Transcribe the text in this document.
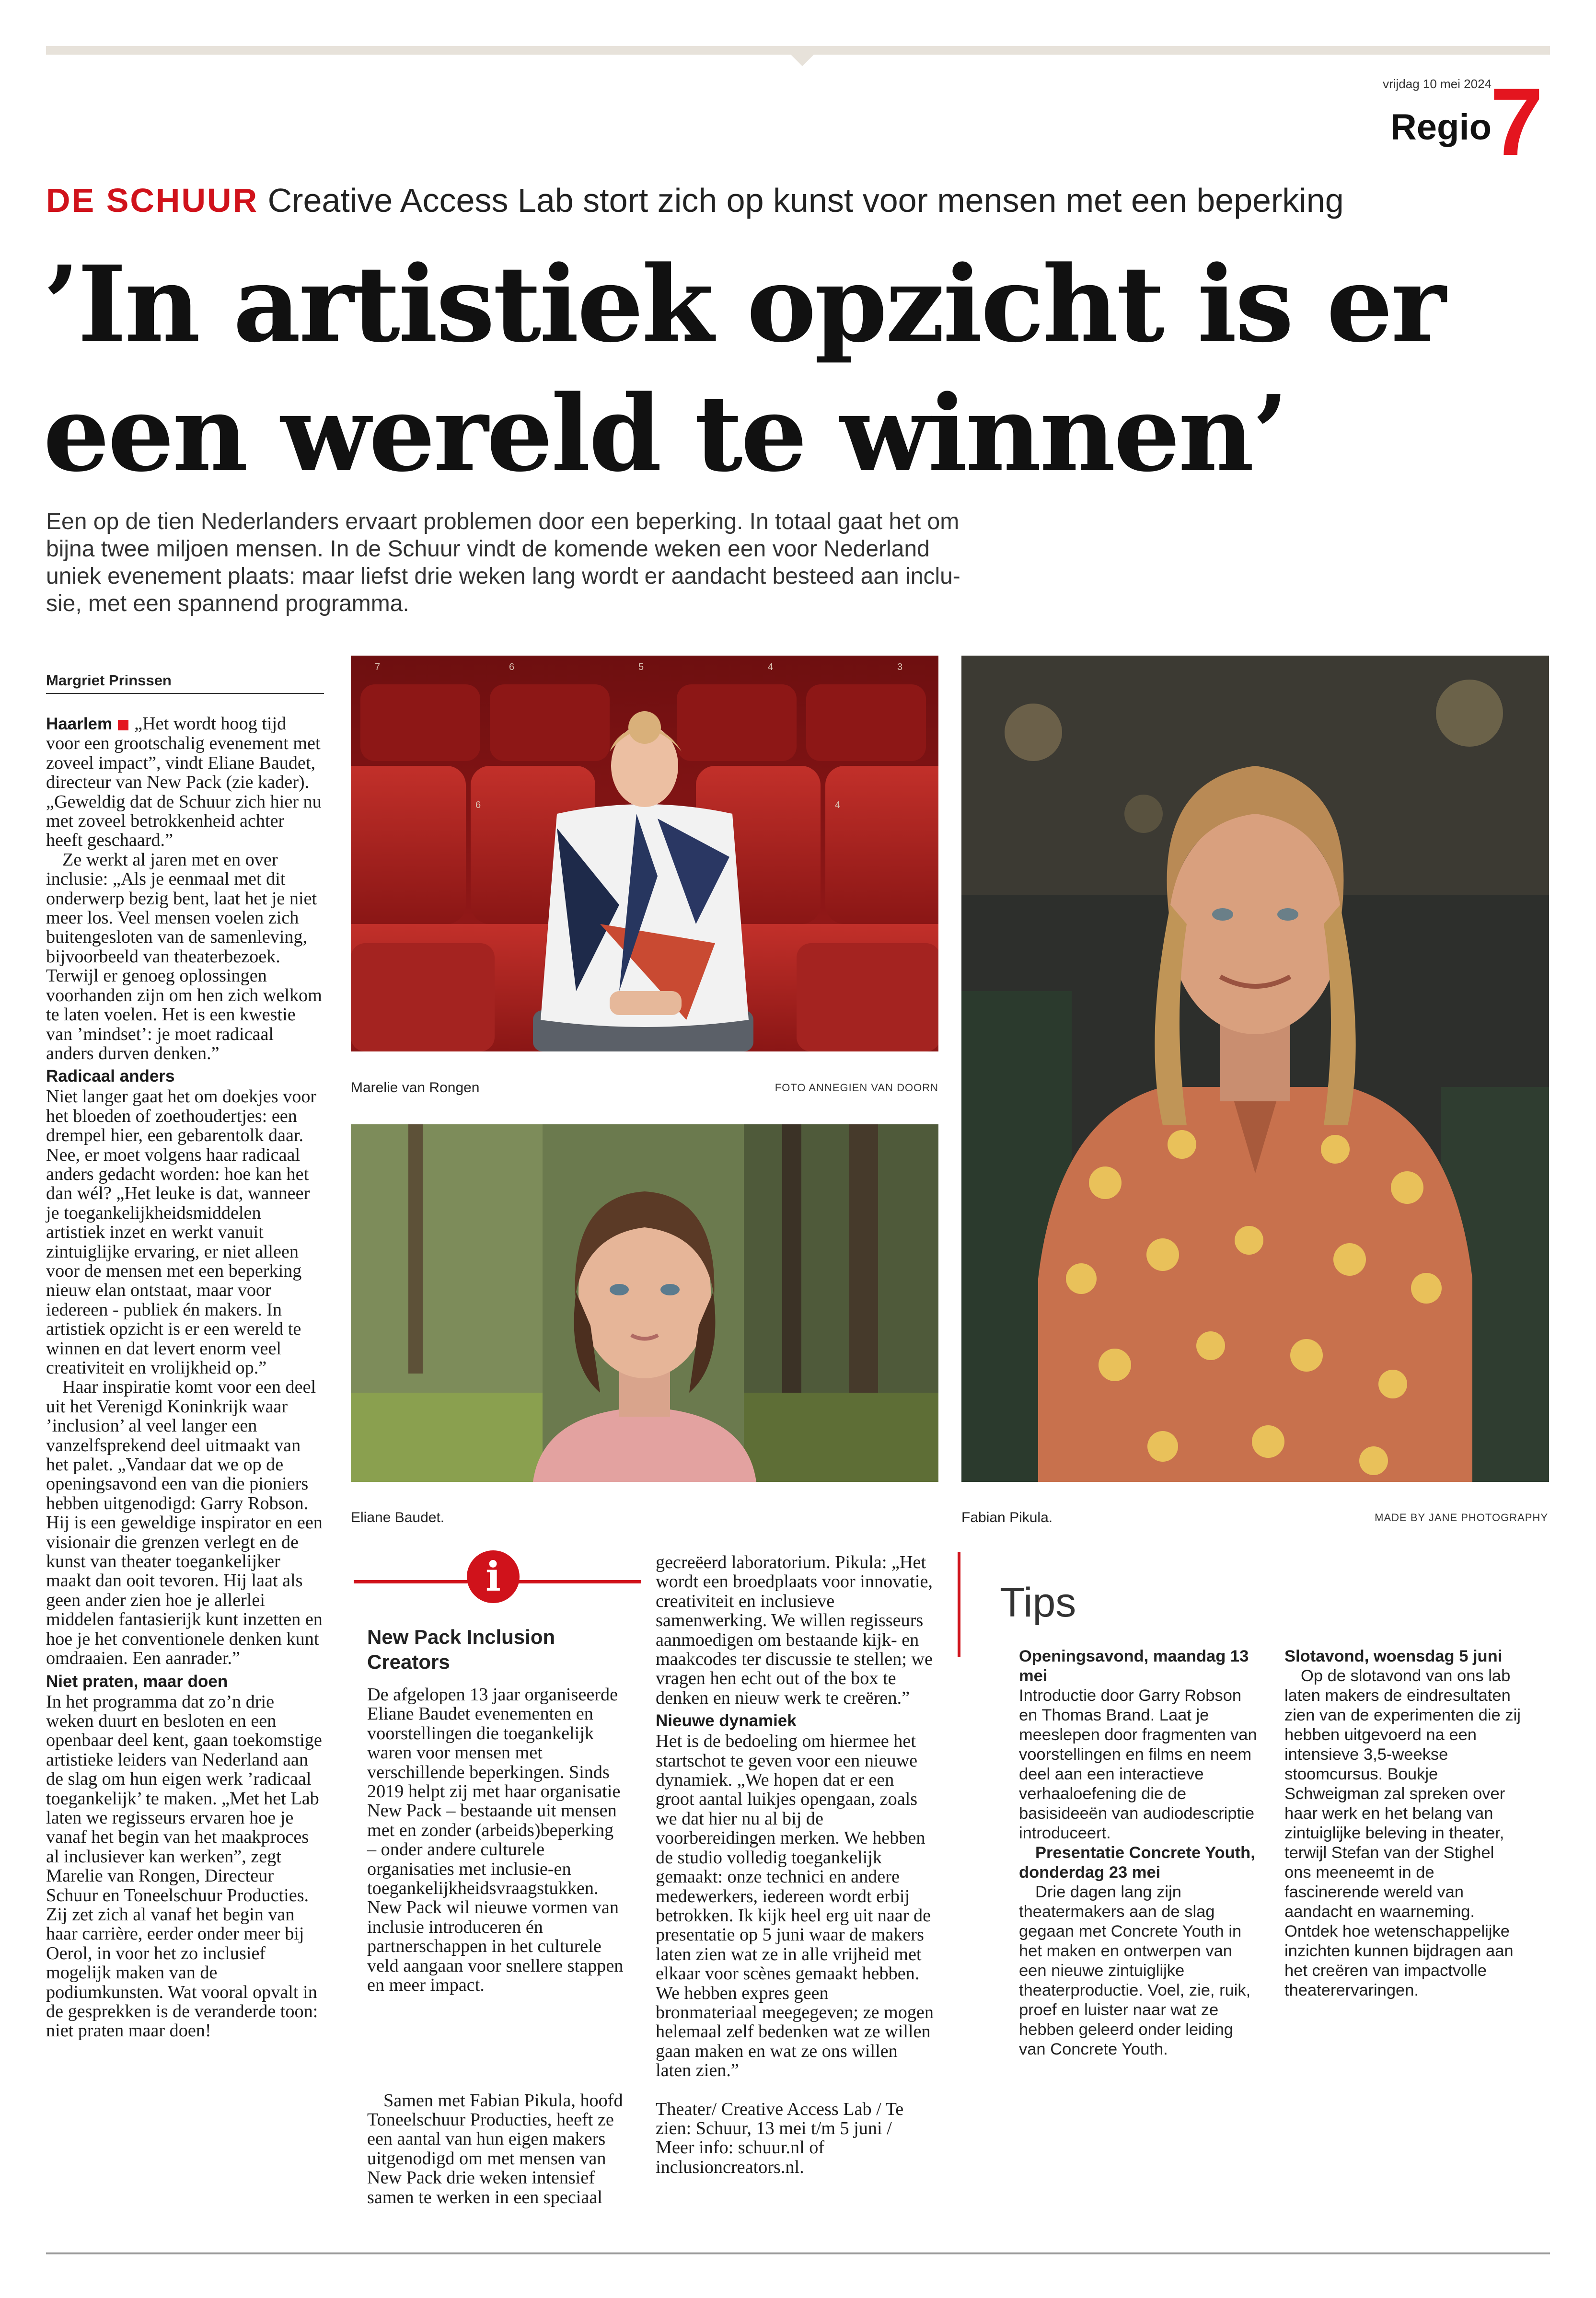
vrijdag 10 mei 2024
Regio
7
DE SCHUUR Creative Access Lab stort zich op kunst voor mensen met een beperking
’In artistiek opzicht is er
een wereld te winnen’
Een op de tien Nederlanders ervaart problemen door een beperking. In totaal gaat het om
bijna twee miljoen mensen. In de Schuur vindt de komende weken een voor Nederland
uniek evenement plaats: maar liefst drie weken lang wordt er aandacht besteed aan inclu-
sie, met een spannend programma.
Margriet Prinssen

Haarlem „Het wordt hoog tijd voor een grootschalig evenement met zoveel impact”, vindt Eliane Baudet, directeur van New Pack (zie kader). „Geweldig dat de Schuur zich hier nu met zoveel betrokkenheid achter heeft geschaard.”

Ze werkt al jaren met en over inclusie: „Als je eenmaal met dit onderwerp bezig bent, laat het je niet meer los. Veel mensen voelen zich buitengesloten van de samenleving, bijvoorbeeld van theaterbezoek. Terwijl er genoeg oplossingen voorhanden zijn om hen zich welkom te laten voelen. Het is een kwestie van ’mindset’: je moet radicaal anders durven denken.”

Radicaal anders

Niet langer gaat het om doekjes voor het bloeden of zoethoudertjes: een drempel hier, een gebarentolk daar. Nee, er moet volgens haar radicaal anders gedacht worden: hoe kan het dan wél? „Het leuke is dat, wanneer je toegankelijkheidsmiddelen artistiek inzet en werkt vanuit zintuiglijke ervaring, er niet alleen voor de mensen met een beperking nieuw elan ontstaat, maar voor iedereen - publiek én makers. In artistiek opzicht is er een wereld te winnen en dat levert enorm veel creativiteit en vrolijkheid op.”

Haar inspiratie komt voor een deel uit het Verenigd Koninkrijk waar ’inclusion’ al veel langer een vanzelfsprekend deel uitmaakt van het palet. „Vandaar dat we op de openingsavond een van die pioniers hebben uitgenodigd: Garry Robson. Hij is een geweldige inspirator en een visionair die grenzen verlegt en de kunst van theater toegankelijker maakt dan ooit tevoren. Hij laat als geen ander zien hoe je allerlei middelen fantasierijk kunt inzetten en hoe je het conventionele denken kunt omdraaien. Een aanrader.”

Niet praten, maar doen

In het programma dat zo’n drie weken duurt en besloten en een openbaar deel kent, gaan toekomstige artistieke leiders van Nederland aan de slag om hun eigen werk ’radicaal toegankelijk’ te maken. „Met het Lab laten we regisseurs ervaren hoe je vanaf het begin van het maakproces al inclusiever kan werken”, zegt Marelie van Rongen, Directeur Schuur en Toneelschuur Producties. Zij zet zich al vanaf het begin van haar carrière, eerder onder meer bij Oerol, in voor het zo inclusief mogelijk maken van de podiumkunsten. Wat vooral opvalt in de gesprekken is de veranderde toon: niet praten maar doen!

7	6	5	4	3
6	4
Marelie van Rongen	FOTO ANNEGIEN VAN DOORN
Eliane Baudet.	Fabian Pikula.	MADE BY JANE PHOTOGRAPHY
i
New Pack Inclusion Creators

De afgelopen 13 jaar organiseerde Eliane Baudet evenementen en voorstellingen die toegankelijk waren voor mensen met verschillende beperkingen. Sinds 2019 helpt zij met haar organisatie New Pack – bestaande uit mensen met en zonder (arbeids)beperking – onder andere culturele organisaties met inclusie-en toegankelijkheidsvraagstukken. New Pack wil nieuwe vormen van inclusie introduceren én partnerschappen in het culturele veld aangaan voor snellere stappen en meer impact.

Samen met Fabian Pikula, hoofd Toneelschuur Producties, heeft ze een aantal van hun eigen makers uitgenodigd om met mensen van New Pack drie weken intensief samen te werken in een speciaal

gecreëerd laboratorium. Pikula: „Het wordt een broedplaats voor innovatie, creativiteit en inclusieve samenwerking. We willen regisseurs aanmoedigen om bestaande kijk- en maakcodes ter discussie te stellen; we vragen hen echt out of the box te denken en nieuw werk te creëren.”

Nieuwe dynamiek

Het is de bedoeling om hiermee het startschot te geven voor een nieuwe dynamiek. „We hopen dat er een groot aantal luikjes opengaan, zoals we dat hier nu al bij de voorbereidingen merken. We hebben de studio volledig toegankelijk gemaakt: onze technici en andere medewerkers, iedereen wordt erbij betrokken. Ik kijk heel erg uit naar de presentatie op 5 juni waar de makers laten zien wat ze in alle vrijheid met elkaar voor scènes gemaakt hebben. We hebben expres geen bronmateriaal meegegeven; ze mogen helemaal zelf bedenken wat ze willen gaan maken en wat ze ons willen laten zien.”

Theater/ Creative Access Lab / Te zien: Schuur, 13 mei t/m 5 juni / Meer info: schuur.nl of inclusioncreators.nl.

Tips

Openingsavond, maandag 13 mei

Introductie door Garry Robson en Thomas Brand. Laat je meeslepen door fragmenten van voorstellingen en films en neem deel aan een interactieve verhaaloefening die de basisideeën van audiodescriptie introduceert.

Presentatie Concrete Youth, donderdag 23 mei

Drie dagen lang zijn theatermakers aan de slag gegaan met Concrete Youth in het maken en ontwerpen van een nieuwe zintuiglijke theaterproductie. Voel, zie, ruik, proef en luister naar wat ze hebben geleerd onder leiding van Concrete Youth.

Slotavond, woensdag 5 juni

Op de slotavond van ons lab laten makers de eindresultaten zien van de experimenten die zij hebben uitgevoerd na een intensieve 3,5-weekse stoomcursus. Boukje Schweigman zal spreken over haar werk en het belang van zintuiglijke beleving in theater, terwijl Stefan van der Stighel ons meeneemt in de fascinerende wereld van aandacht en waarneming. Ontdek hoe wetenschappelijke inzichten kunnen bijdragen aan het creëren van impactvolle theaterervaringen.
